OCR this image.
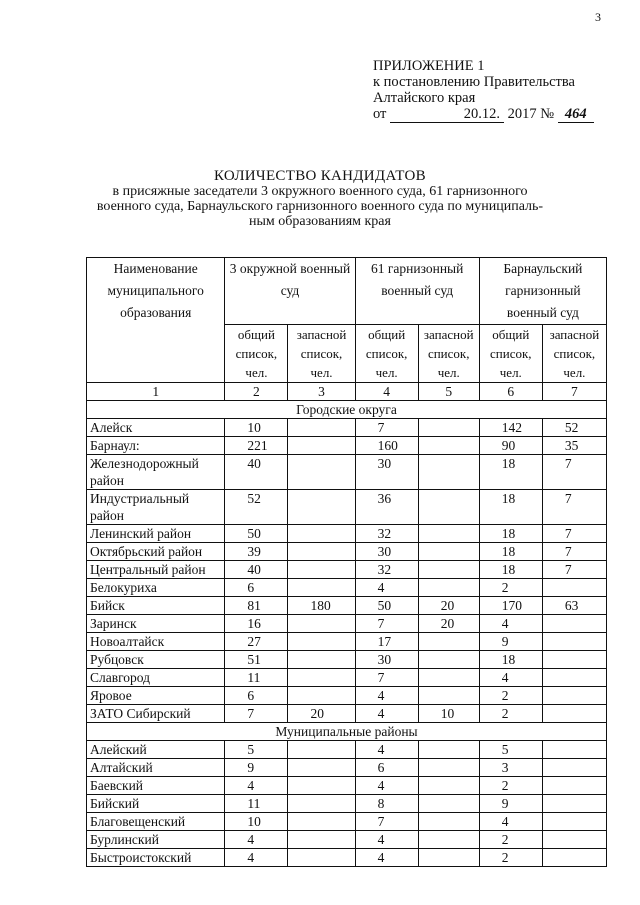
3
ПРИЛОЖЕНИЕ 1
к постановлению Правительства
Алтайского края
от	20.12. 2017 № 464
КОЛИЧЕСТВО КАНДИДАТОВ
в присяжные заседатели 3 окружного военного суда, 61 гарнизонного военного суда, Барнаульского гарнизонного военного суда по муниципаль- ным образованиям края
Наименование муниципального образования	3 окружной военный суд		61 гарнизонный военный суд		Барнаульский гарнизонный военный суд	
	общий список, чел.	запасной список, чел.	общий список, чел.	запасной список, чел.	общий список, чел.	запасной список, чел.
1	2	3	4	5	6	7
Городские округа						
Алейск	10		7		142	52
Барнаул:	221		160		90	35
Железнодорожный район	40		30		18	7
Индустриальный район	52		36		18	7
Ленинский район	50		32		18	7
Октябрьский район	39		30		18	7
Центральный район	40		32		18	7
Белокуриха	6		4		2	
Бийск	81	180	50	20	170	63
Заринск	16		7	20	4	
Новоалтайск	27		17		9	
Рубцовск	51		30		18	
Славгород	11		7		4	
Яровое	6		4		2	
ЗАТО Сибирский	7	20	4	10	2	
Муниципальные районы						
Алейский	5		4		5	
Алтайский	9		6		3	
Баевский	4		4		2	
Бийский	11		8		9	
Благовещенский	10		7		4	
Бурлинский	4		4		2	
Быстроистокский	4		4		2	
